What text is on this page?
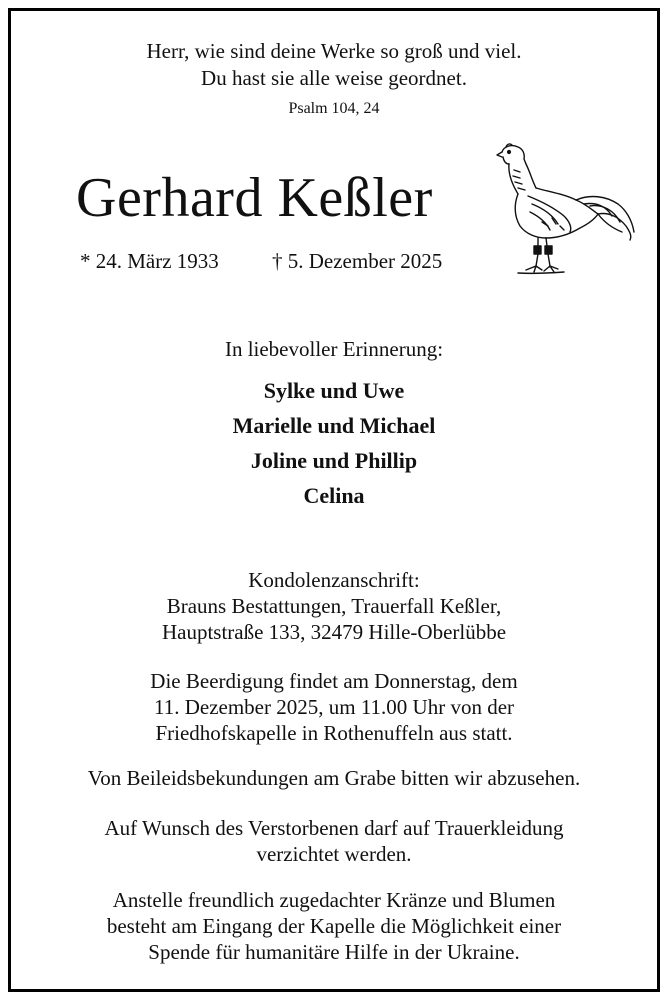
Herr, wie sind deine Werke so groß und viel.
Du hast sie alle weise geordnet.
Psalm 104, 24
Gerhard Keßler
* 24. März 1933	† 5. Dezember 2025
In liebevoller Erinnerung:
Sylke und Uwe
Marielle und Michael
Joline und Phillip
Celina
Kondolenzanschrift:
Brauns Bestattungen, Trauerfall Keßler,
Hauptstraße 133, 32479 Hille-Oberlübbe
Die Beerdigung findet am Donnerstag, dem
11. Dezember 2025, um 11.00 Uhr von der
Friedhofskapelle in Rothenuffeln aus statt.
Von Beileidsbekundungen am Grabe bitten wir abzusehen.
Auf Wunsch des Verstorbenen darf auf Trauerkleidung
verzichtet werden.
Anstelle freundlich zugedachter Kränze und Blumen
besteht am Eingang der Kapelle die Möglichkeit einer
Spende für humanitäre Hilfe in der Ukraine.
